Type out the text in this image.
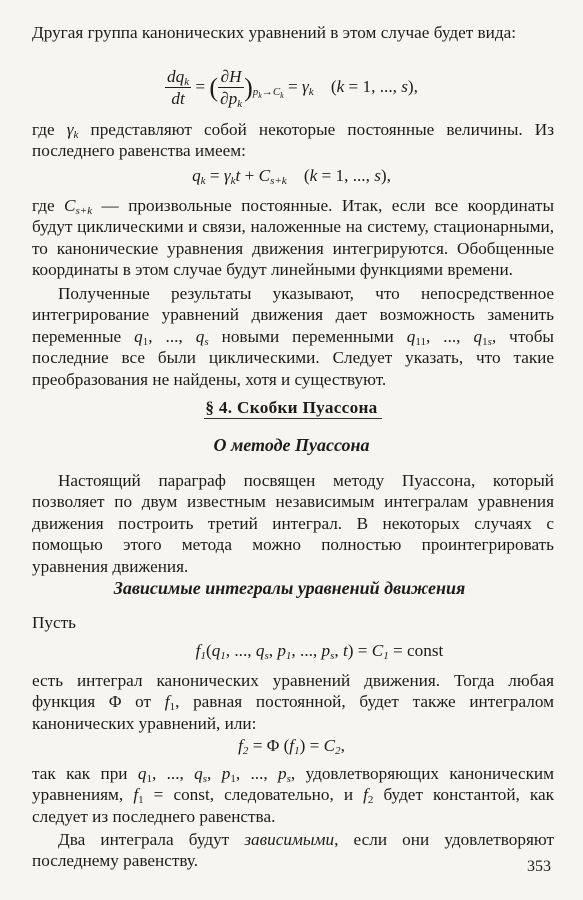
Другая группа канонических уравнений в этом случае будет вида:
$\frac{dq_k}{dt}$ = ( $\frac{\partial H}{\partial p_k} )_{p_k\to C_k} = \gamma_k$ (k = 1, ..., s),
где $\gamma_k$ представляют собой некоторые постоянные величины. Из последнего равенства имеем:
$q_k = \gamma_kt + C_{s+k}$ (k = 1, ..., s),
где $C_{s+k}$ — произвольные постоянные. Итак, если все координаты будут циклическими и связи, наложенные на систему, стационарными, то канонические уравнения движения интегрируются. Обобщенные координаты в этом случае будут линейными функциями времени.
Полученные результаты указывают, что непосредственное интегрирование уравнений движения дает возможность заменить переменные $q_1$, ..., $q_s$ новыми переменными $q_{11}$, ..., $q_{1s}$, чтобы последние все были циклическими. Следует указать, что такие преобразования не найдены, хотя и существуют.
§ 4. Скобки Пуассона
О методе Пуассона
Настоящий параграф посвящен методу Пуассона, который позволяет по двум известным независимым интегралам уравнения движения построить третий интеграл. В некоторых случаях с помощью этого метода можно полностью проинтегрировать уравнения движения.
Зависимые интегралы уравнений движения
Пусть
$f_1(q_1$, ..., $q_s$, $p_1$, ..., $p_s$, $t) = C_1$ = const
есть интеграл канонических уравнений движения. Тогда любая функция Φ от $f_1$, равная постоянной, будет также интегралом канонических уравнений, или:
$f_2 = \Phi$ $(f_1) = C_2$,
так как при $q_1$, ..., $q_s$, $p_1$, ..., $p_s$, удовлетворяющих каноническим уравнениям, $f_1$ = const, следовательно, и $f_2$ будет константой, как следует из последнего равенства.
Два интеграла будут зависимыми, если они удовлетворяют последнему равенству.	353
